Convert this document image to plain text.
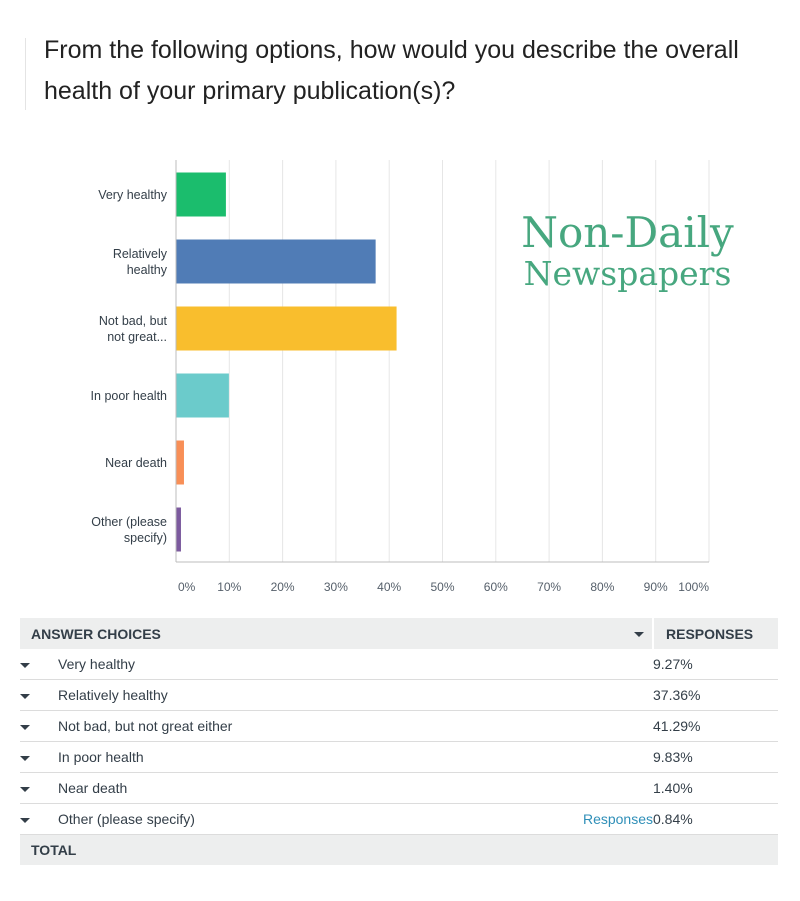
From the following options, how would you describe the overall health of your primary publication(s)?
0% 10% 20% 30% 40% 50% 60% 70% 80% 90% 100%
Very healthy
Relatively
healthy
Not bad, but
not great...
In poor health
Near death
Other (please
specify)
Non-Daily
Newspapers
ANSWER CHOICES			RESPONSES
	Very healthy		9.27%
	Relatively healthy		37.36%
	Not bad, but not great either		41.29%
	In poor health		9.83%
	Near death		1.40%
	Other (please specify)	Responses	0.84%
TOTAL			
